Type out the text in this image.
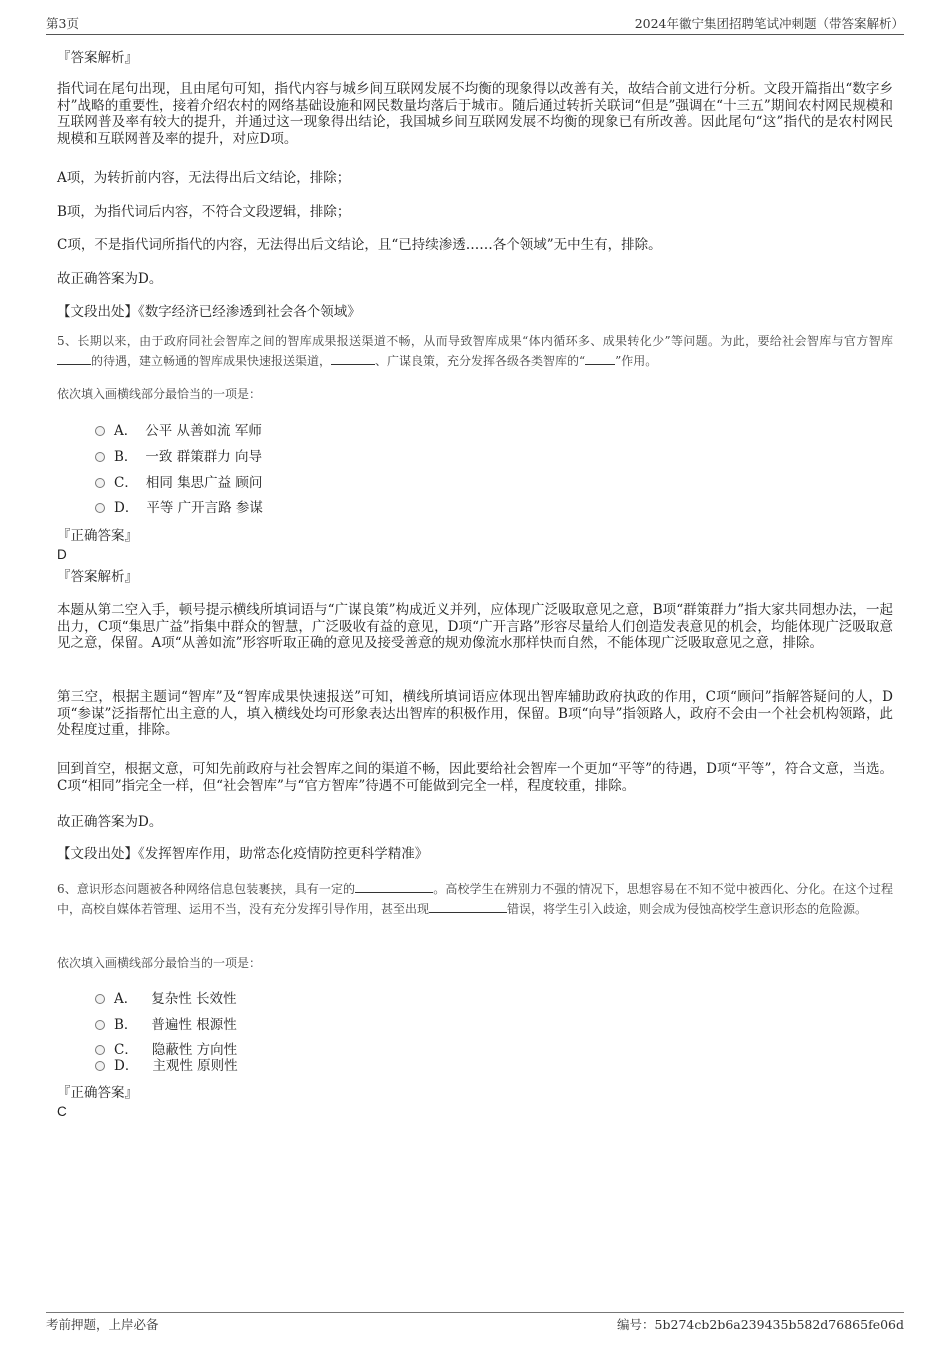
第3页	2024年徽宁集团招聘笔试冲刺题（带答案解析）
『答案解析』
指代词在尾句出现，且由尾句可知，指代内容与城乡间互联网发展不均衡的现象得以改善有关，故结合前文进行分析。文段开篇指出“数字乡村”战略的重要性，接着介绍农村的网络基础设施和网民数量均落后于城市。随后通过转折关联词“但是”强调在“十三五”期间农村网民规模和互联网普及率有较大的提升，并通过这一现象得出结论，我国城乡间互联网发展不均衡的现象已有所改善。因此尾句“这”指代的是农村网民规模和互联网普及率的提升，对应D项。
A项，为转折前内容，无法得出后文结论，排除；
B项，为指代词后内容，不符合文段逻辑，排除；
C项，不是指代词所指代的内容，无法得出后文结论，且“已持续渗透……各个领域”无中生有，排除。
故正确答案为D。
【文段出处】《数字经济已经渗透到社会各个领域》
5、长期以来，由于政府同社会智库之间的智库成果报送渠道不畅，从而导致智库成果“体内循环多、成果转化少”等问题。为此，要给社会智库与官方智库的待遇，建立畅通的智库成果快速报送渠道，	、广谋良策，充分发挥各级各类智库的“	”作用。
依次填入画横线部分最恰当的一项是：
A． 公平 从善如流 军师
B． 一致 群策群力 向导
C． 相同 集思广益 顾问
D． 平等 广开言路 参谋
『正确答案』
D
『答案解析』
本题从第二空入手，顿号提示横线所填词语与“广谋良策”构成近义并列，应体现广泛吸取意见之意，B项“群策群力”指大家共同想办法，一起出力，C项“集思广益”指集中群众的智慧，广泛吸收有益的意见，D项“广开言路”形容尽量给人们创造发表意见的机会，均能体现广泛吸取意见之意，保留。A项“从善如流”形容听取正确的意见及接受善意的规劝像流水那样快而自然，不能体现广泛吸取意见之意，排除。
第三空，根据主题词“智库”及“智库成果快速报送”可知，横线所填词语应体现出智库辅助政府执政的作用，C项“顾问”指解答疑问的人，D项“参谋”泛指帮忙出主意的人，填入横线处均可形象表达出智库的积极作用，保留。B项“向导”指领路人，政府不会由一个社会机构领路，此处程度过重，排除。
回到首空，根据文意，可知先前政府与社会智库之间的渠道不畅，因此要给社会智库一个更加“平等”的待遇，D项“平等”，符合文意，当选。C项“相同”指完全一样，但“社会智库”与“官方智库”待遇不可能做到完全一样，程度较重，排除。
故正确答案为D。
【文段出处】《发挥智库作用，助常态化疫情防控更科学精准》
6、意识形态问题被各种网络信息包装裹挟，具有一定的	。高校学生在辨别力不强的情况下，思想容易在不知不觉中被西化、分化。在这个过程中，高校自媒体若管理、运用不当，没有充分发挥引导作用，甚至出现	错误，将学生引入歧途，则会成为侵蚀高校学生意识形态的危险源。
依次填入画横线部分最恰当的一项是：
A． 复杂性 长效性
B． 普遍性 根源性
C． 隐蔽性 方向性
D． 主观性 原则性
『正确答案』
C
考前押题，上岸必备	编号：5b274cb2b6a239435b582d76865fe06d
